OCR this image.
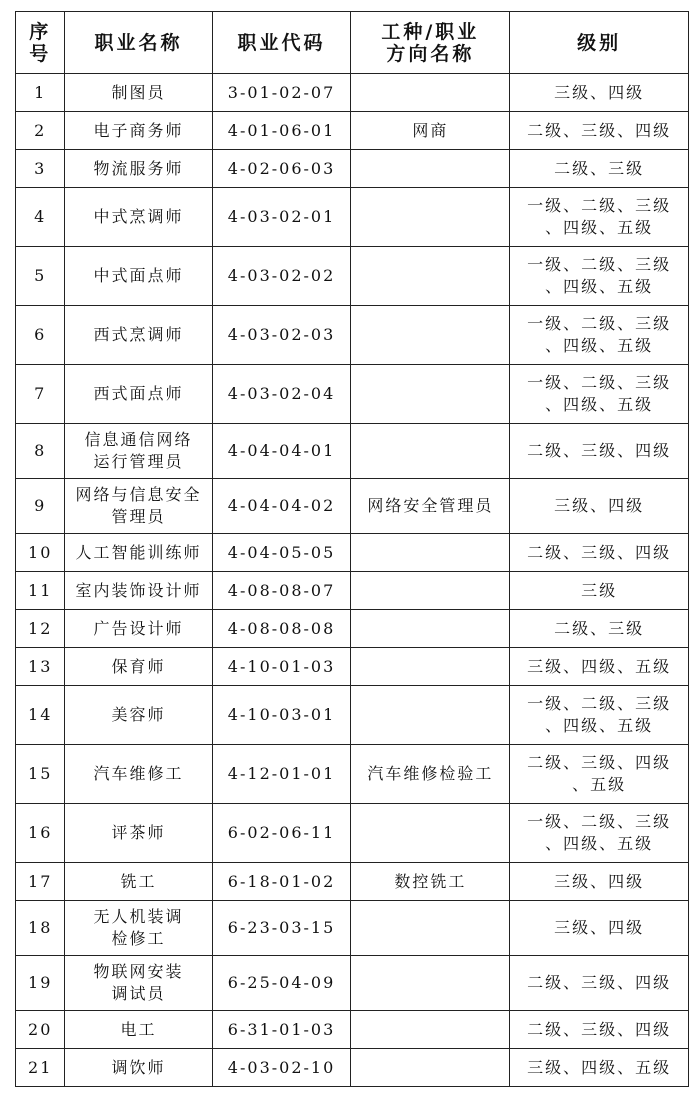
序号	职业名称	职业代码	工种/职业
方向名称	级别
1	制图员	3-01-02-07		三级、四级
2	电子商务师	4-01-06-01	网商	二级、三级、四级
3	物流服务师	4-02-06-03		二级、三级
4	中式烹调师	4-03-02-01		一级、二级、三级
、四级、五级
5	中式面点师	4-03-02-02		一级、二级、三级
、四级、五级
6	西式烹调师	4-03-02-03		一级、二级、三级
、四级、五级
7	西式面点师	4-03-02-04		一级、二级、三级
、四级、五级
8	信息通信网络
运行管理员	4-04-04-01		二级、三级、四级
9	网络与信息安全
管理员	4-04-04-02	网络安全管理员	三级、四级
10	人工智能训练师	4-04-05-05		二级、三级、四级
11	室内装饰设计师	4-08-08-07		三级
12	广告设计师	4-08-08-08		二级、三级
13	保育师	4-10-01-03		三级、四级、五级
14	美容师	4-10-03-01		一级、二级、三级
、四级、五级
15	汽车维修工	4-12-01-01	汽车维修检验工	二级、三级、四级
、五级
16	评茶师	6-02-06-11		一级、二级、三级
、四级、五级
17	铣工	6-18-01-02	数控铣工	三级、四级
18	无人机装调
检修工	6-23-03-15		三级、四级
19	物联网安装
调试员	6-25-04-09		二级、三级、四级
20	电工	6-31-01-03		二级、三级、四级
21	调饮师	4-03-02-10		三级、四级、五级
